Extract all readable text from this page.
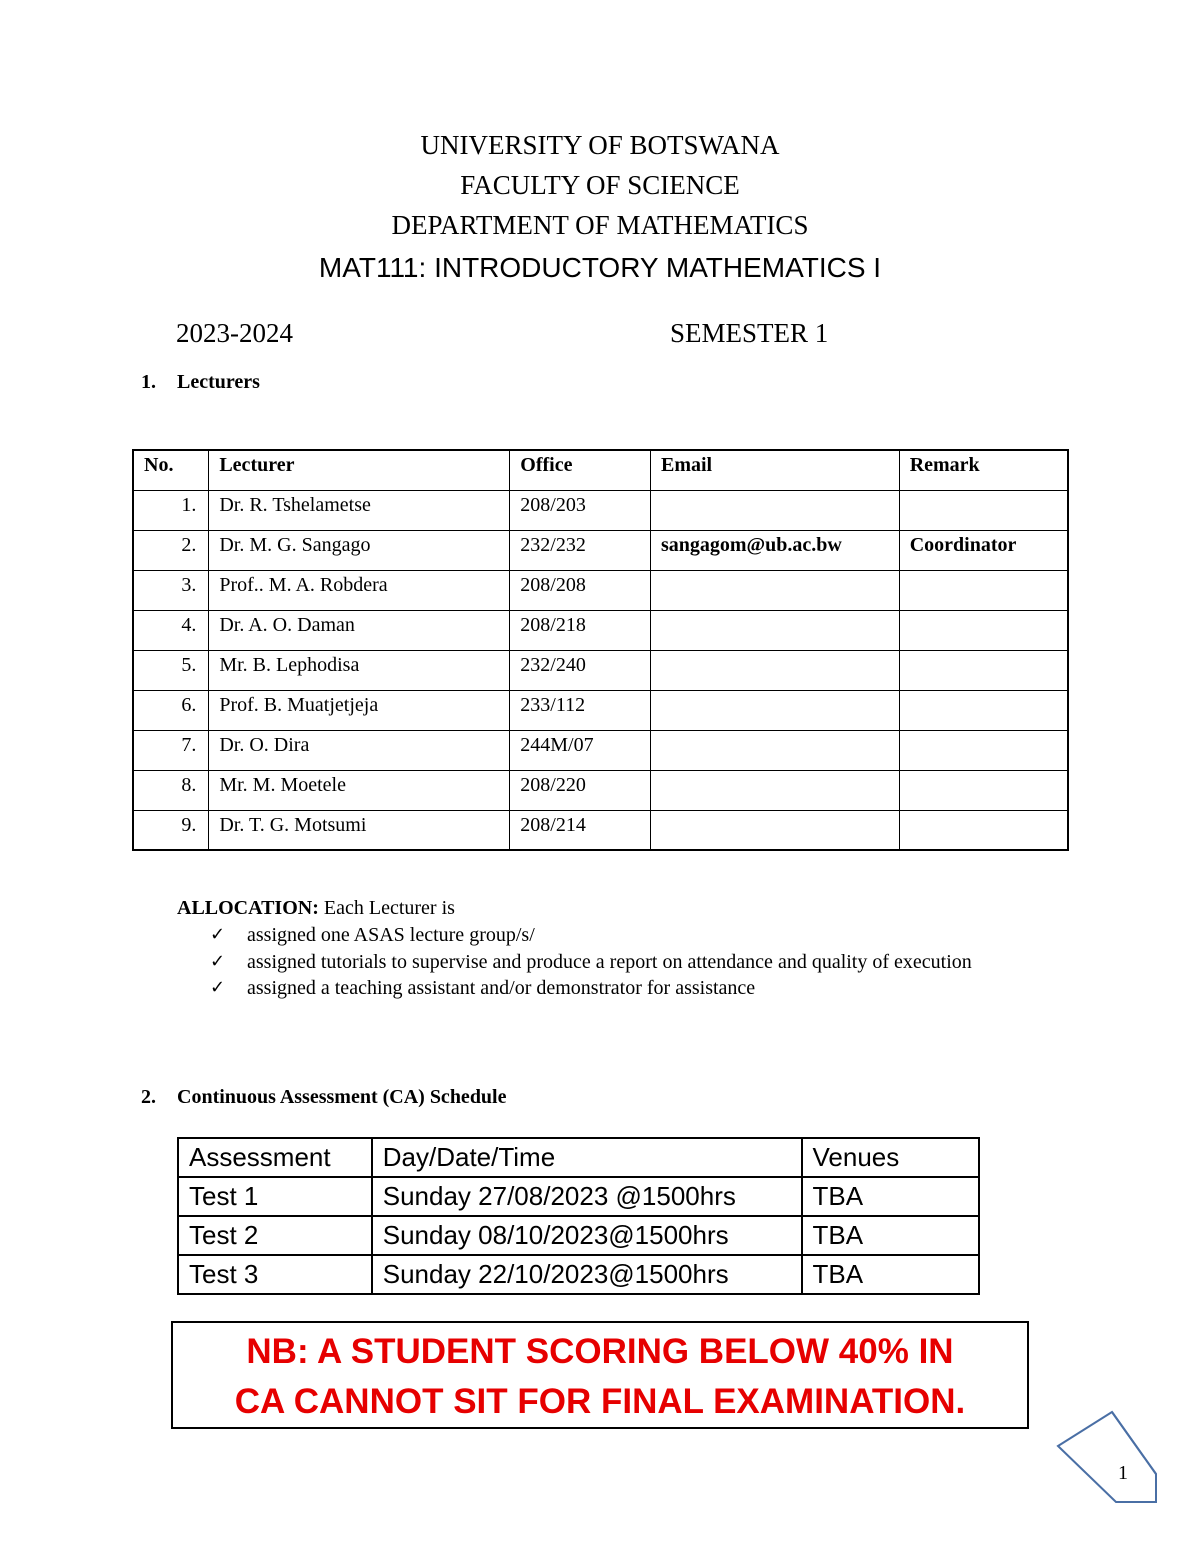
UNIVERSITY OF BOTSWANA
FACULTY OF SCIENCE
DEPARTMENT OF MATHEMATICS
MAT111: INTRODUCTORY MATHEMATICS I
2023-2024	SEMESTER 1
1. Lecturers
No.	Lecturer	Office	Email	Remark
1.	Dr. R. Tshelametse	208/203		
2.	Dr. M. G. Sangago	232/232	sangagom@ub.ac.bw	Coordinator
3.	Prof.. M. A. Robdera	208/208		
4.	Dr. A. O. Daman	208/218		
5.	Mr. B. Lephodisa	232/240		
6.	Prof. B. Muatjetjeja	233/112		
7.	Dr. O. Dira	244M/07		
8.	Mr. M. Moetele	208/220		
9.	Dr. T. G. Motsumi	208/214		
ALLOCATION: Each Lecturer is
✓ assigned one ASAS lecture group/s/
✓ assigned tutorials to supervise and produce a report on attendance and quality of execution
✓ assigned a teaching assistant and/or demonstrator for assistance
2. Continuous Assessment (CA) Schedule
Assessment	Day/Date/Time	Venues
Test 1	Sunday 27/08/2023 @1500hrs	TBA
Test 2	Sunday 08/10/2023@1500hrs	TBA
Test 3	Sunday 22/10/2023@1500hrs	TBA
NB: A STUDENT SCORING BELOW 40% IN
CA CANNOT SIT FOR FINAL EXAMINATION.
1
